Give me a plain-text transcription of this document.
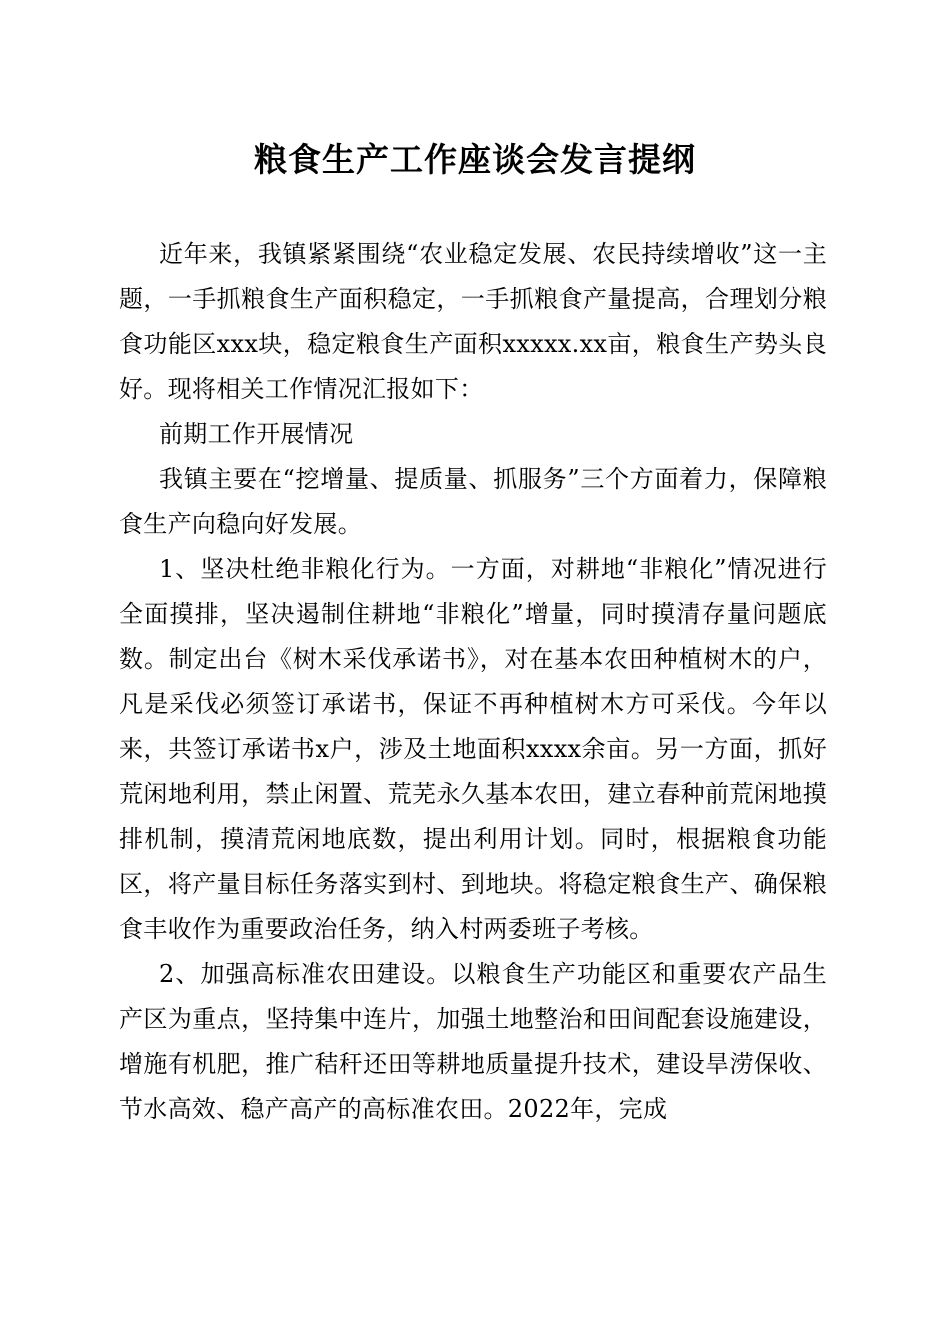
粮食生产工作座谈会发言提纲

近年来，我镇紧紧围绕“农业稳定发展、农民持续增收”这一主题，一手抓粮食生产面积稳定，一手抓粮食产量提高，合理划分粮食功能区xxx块，稳定粮食生产面积xxxxx.xx亩，粮食生产势头良好。现将相关工作情况汇报如下：

前期工作开展情况

我镇主要在“挖增量、提质量、抓服务”三个方面着力，保障粮食生产向稳向好发展。

1、坚决杜绝非粮化行为。一方面，对耕地“非粮化”情况进行全面摸排，坚决遏制住耕地“非粮化”增量，同时摸清存量问题底数。制定出台《树木采伐承诺书》，对在基本农田种植树木的户，凡是采伐必须签订承诺书，保证不再种植树木方可采伐。今年以来，共签订承诺书x户，涉及土地面积xxxx余亩。另一方面，抓好荒闲地利用，禁止闲置、荒芜永久基本农田，建立春种前荒闲地摸排机制，摸清荒闲地底数，提出利用计划。同时，根据粮食功能区，将产量目标任务落实到村、到地块。将稳定粮食生产、确保粮食丰收作为重要政治任务，纳入村两委班子考核。

2、加强高标准农田建设。以粮食生产功能区和重要农产品生产区为重点，坚持集中连片，加强土地整治和田间配套设施建设，增施有机肥，推广秸秆还田等耕地质量提升技术，建设旱涝保收、节水高效、稳产高产的高标准农田。2022年，完成
